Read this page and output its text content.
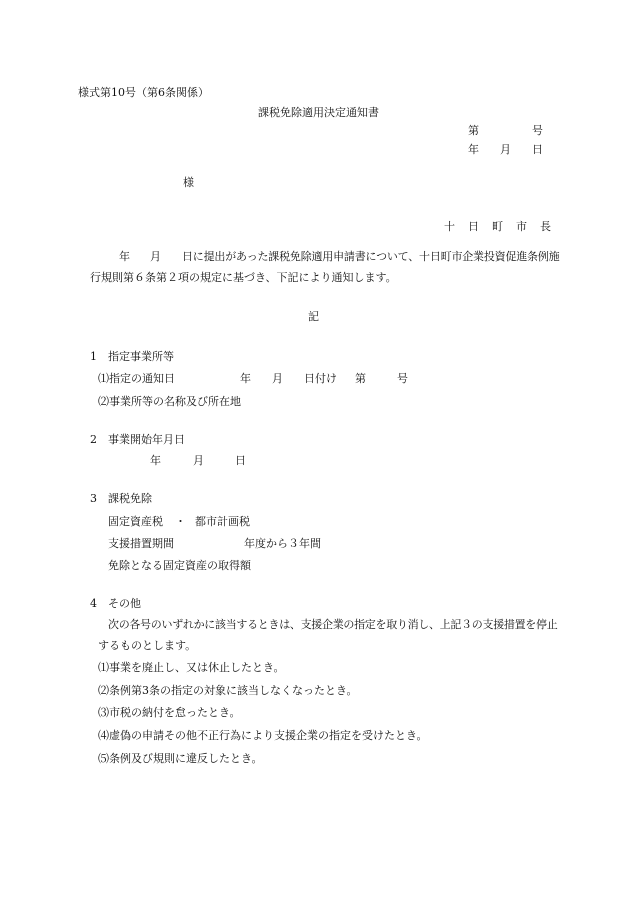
様式第10号（第6条関係）
課税免除適用決定通知書
第	号
年 月 日
様
十　日　町　市　長
年 月 日に提出があった課税免除適用申請書について、十日町市企業投資促進条例施
行規則第６条第２項の規定に基づき、下記により通知します。
記
1 指定事業所等
⑴指定の通知日	年 月 日付け 第	号
⑵事業所等の名称及び所在地
2 事業開始年月日
年	月	日
3 課税免除
固定資産税 ・ 都市計画税
支援措置期間	年度から３年間
免除となる固定資産の取得額
4 その他
次の各号のいずれかに該当するときは、支援企業の指定を取り消し、上記３の支援措置を停止
するものとします。
⑴事業を廃止し、又は休止したとき。
⑵条例第3条の指定の対象に該当しなくなったとき。
⑶市税の納付を怠ったとき。
⑷虚偽の申請その他不正行為により支援企業の指定を受けたとき。
⑸条例及び規則に違反したとき。
